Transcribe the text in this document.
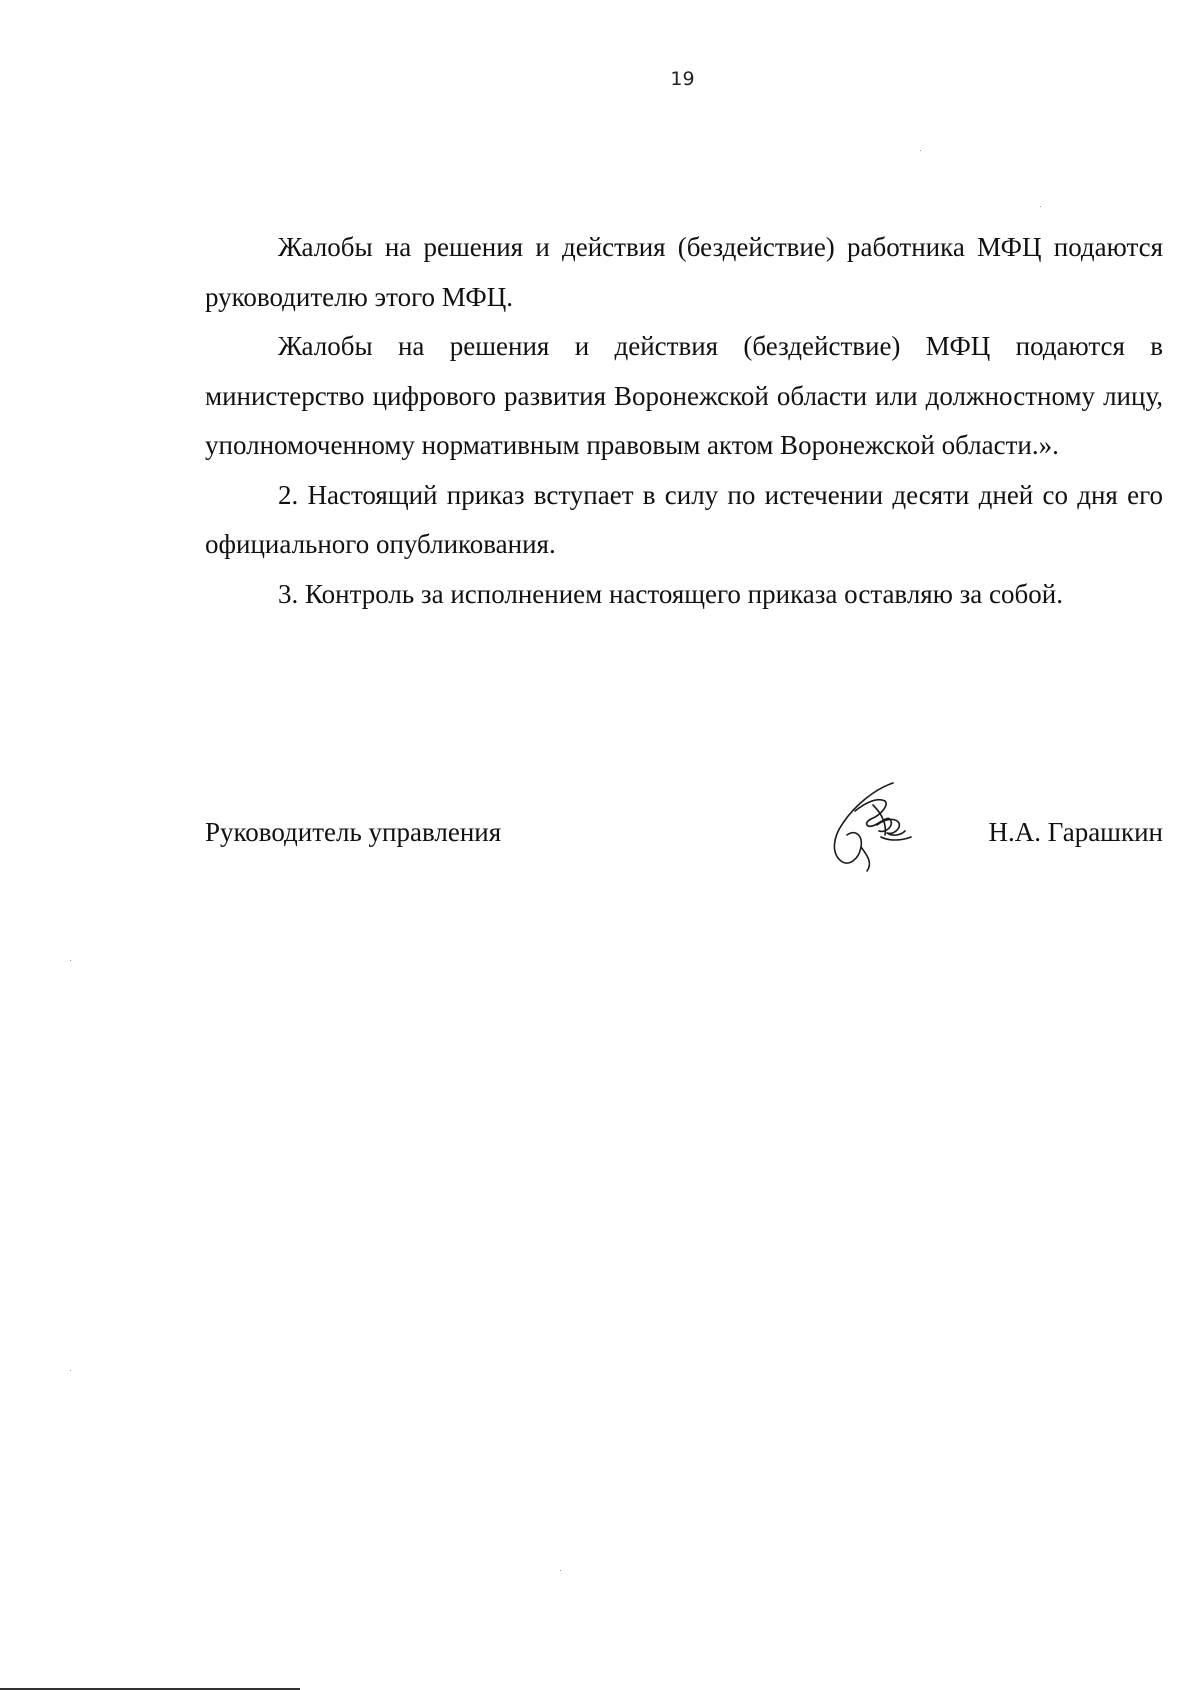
19

Жалобы на решения и действия (бездействие) работника МФЦ подаются руководителю этого МФЦ.

Жалобы на решения и действия (бездействие) МФЦ подаются в министерство цифрового развития Воронежской области или должностному лицу, уполномоченному нормативным правовым актом Воронежской области.».

2. Настоящий приказ вступает в силу по истечении десяти дней со дня его официального опубликования.

3. Контроль за исполнением настоящего приказа оставляю за собой.

Руководитель управления	Н.А. Гарашкин
